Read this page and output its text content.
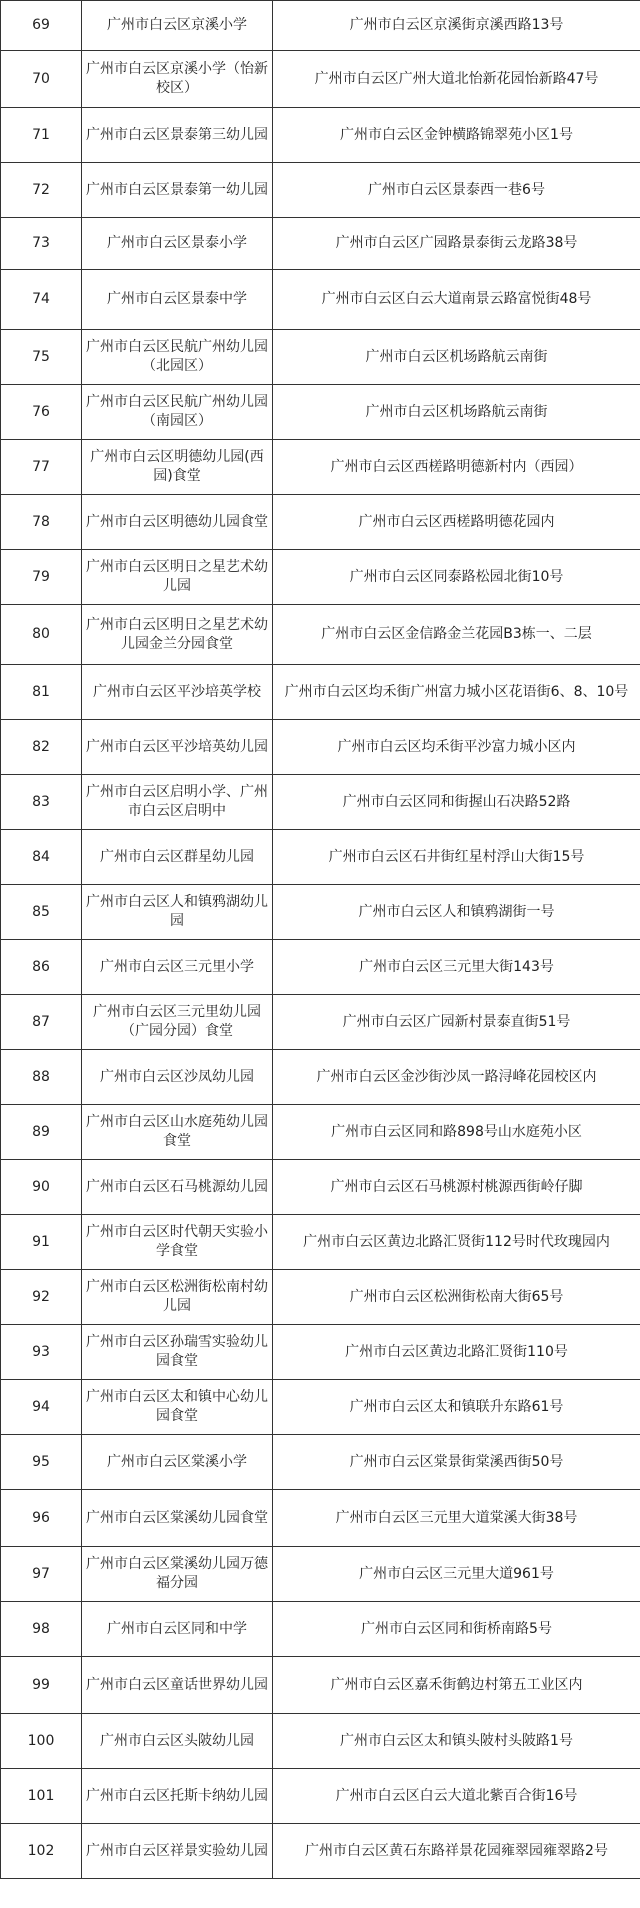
69	广州市白云区京溪小学	广州市白云区京溪街京溪西路13号

70	广州市白云区京溪小学（怡新校区）	广州市白云区广州大道北怡新花园怡新路47号

71	广州市白云区景泰第三幼儿园	广州市白云区金钟横路锦翠苑小区1号

72	广州市白云区景泰第一幼儿园	广州市白云区景泰西一巷6号

73	广州市白云区景泰小学	广州市白云区广园路景泰街云龙路38号

74	广州市白云区景泰中学	广州市白云区白云大道南景云路富悦街48号

75	广州市白云区民航广州幼儿园（北园区）	广州市白云区机场路航云南街

76	广州市白云区民航广州幼儿园（南园区）	广州市白云区机场路航云南街

77	广州市白云区明德幼儿园(西园)食堂	广州市白云区西槎路明德新村内（西园）

78	广州市白云区明德幼儿园食堂	广州市白云区西槎路明德花园内

79	广州市白云区明日之星艺术幼儿园	广州市白云区同泰路松园北街10号

80	广州市白云区明日之星艺术幼儿园金兰分园食堂	广州市白云区金信路金兰花园B3栋一、二层

81	广州市白云区平沙培英学校	广州市白云区均禾街广州富力城小区花语街6、8、10号

82	广州市白云区平沙培英幼儿园	广州市白云区均禾街平沙富力城小区内

83	广州市白云区启明小学、广州市白云区启明中	广州市白云区同和街握山石决路52路

84	广州市白云区群星幼儿园	广州市白云区石井街红星村浮山大街15号

85	广州市白云区人和镇鸦湖幼儿园	广州市白云区人和镇鸦湖街一号

86	广州市白云区三元里小学	广州市白云区三元里大街143号

87	广州市白云区三元里幼儿园（广园分园）食堂	广州市白云区广园新村景泰直街51号

88	广州市白云区沙凤幼儿园	广州市白云区金沙街沙凤一路浔峰花园校区内

89	广州市白云区山水庭苑幼儿园食堂	广州市白云区同和路898号山水庭苑小区

90	广州市白云区石马桃源幼儿园	广州市白云区石马桃源村桃源西街岭仔脚

91	广州市白云区时代朝天实验小学食堂	广州市白云区黄边北路汇贤街112号时代玫瑰园内

92	广州市白云区松洲街松南村幼儿园	广州市白云区松洲街松南大街65号

93	广州市白云区孙瑞雪实验幼儿园食堂	广州市白云区黄边北路汇贤街110号

94	广州市白云区太和镇中心幼儿园食堂	广州市白云区太和镇联升东路61号

95	广州市白云区棠溪小学	广州市白云区棠景街棠溪西街50号

96	广州市白云区棠溪幼儿园食堂	广州市白云区三元里大道棠溪大街38号

97	广州市白云区棠溪幼儿园万德福分园	广州市白云区三元里大道961号

98	广州市白云区同和中学	广州市白云区同和街桥南路5号

99	广州市白云区童话世界幼儿园	广州市白云区嘉禾街鹤边村第五工业区内

100	广州市白云区头陂幼儿园	广州市白云区太和镇头陂村头陂路1号

101	广州市白云区托斯卡纳幼儿园	广州市白云区白云大道北紫百合街16号

102	广州市白云区祥景实验幼儿园	广州市白云区黄石东路祥景花园雍翠园雍翠路2号
